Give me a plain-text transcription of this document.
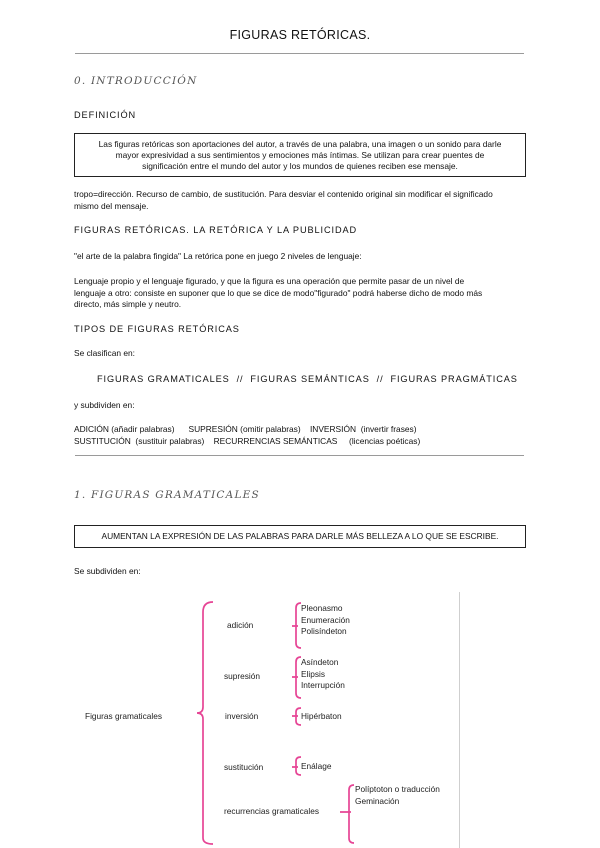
FIGURAS RETÓRICAS.
0. INTRODUCCIÓN
DEFINICIÓN
Las figuras retóricas son aportaciones del autor, a través de una palabra, una imagen o un sonido para darle
mayor expresividad a sus sentimientos y emociones más íntimas. Se utilizan para crear puentes de
significación entre el mundo del autor y los mundos de quienes reciben ese mensaje.
tropo=dirección. Recurso de cambio, de sustitución. Para desviar el contenido original sin modificar el significado
mismo del mensaje.
FIGURAS RETÓRICAS. LA RETÓRICA Y LA PUBLICIDAD
"el arte de la palabra fingida" La retórica pone en juego 2 niveles de lenguaje:
Lenguaje propio y el lenguaje figurado, y que la figura es una operación que permite pasar de un nivel de
lenguaje a otro: consiste en suponer que lo que se dice de modo"figurado" podrá haberse dicho de modo más
directo, más simple y neutro.
TIPOS DE FIGURAS RETÓRICAS
Se clasifican en:
FIGURAS GRAMATICALES  //  FIGURAS SEMÁNTICAS  //  FIGURAS PRAGMÁTICAS
y subdividen en:
ADICIÓN (añadir palabras)      SUPRESIÓN (omitir palabras)    INVERSIÓN  (invertir frases)
SUSTITUCIÓN  (sustituir palabras)    RECURRENCIAS SEMÁNTICAS     (licencias poéticas)
1. FIGURAS GRAMATICALES
AUMENTAN LA EXPRESIÓN DE LAS PALABRAS PARA DARLE MÁS BELLEZA A LO QUE SE ESCRIBE.
Se subdividen en:
Figuras gramaticales
adición
Pleonasmo
Enumeración
Polisíndeton
supresión
Asíndeton
Elipsis
Interrupción
inversión	Hipérbaton
sustitución	Enálage
recurrencias gramaticales
Políptoton o traducción
Geminación
